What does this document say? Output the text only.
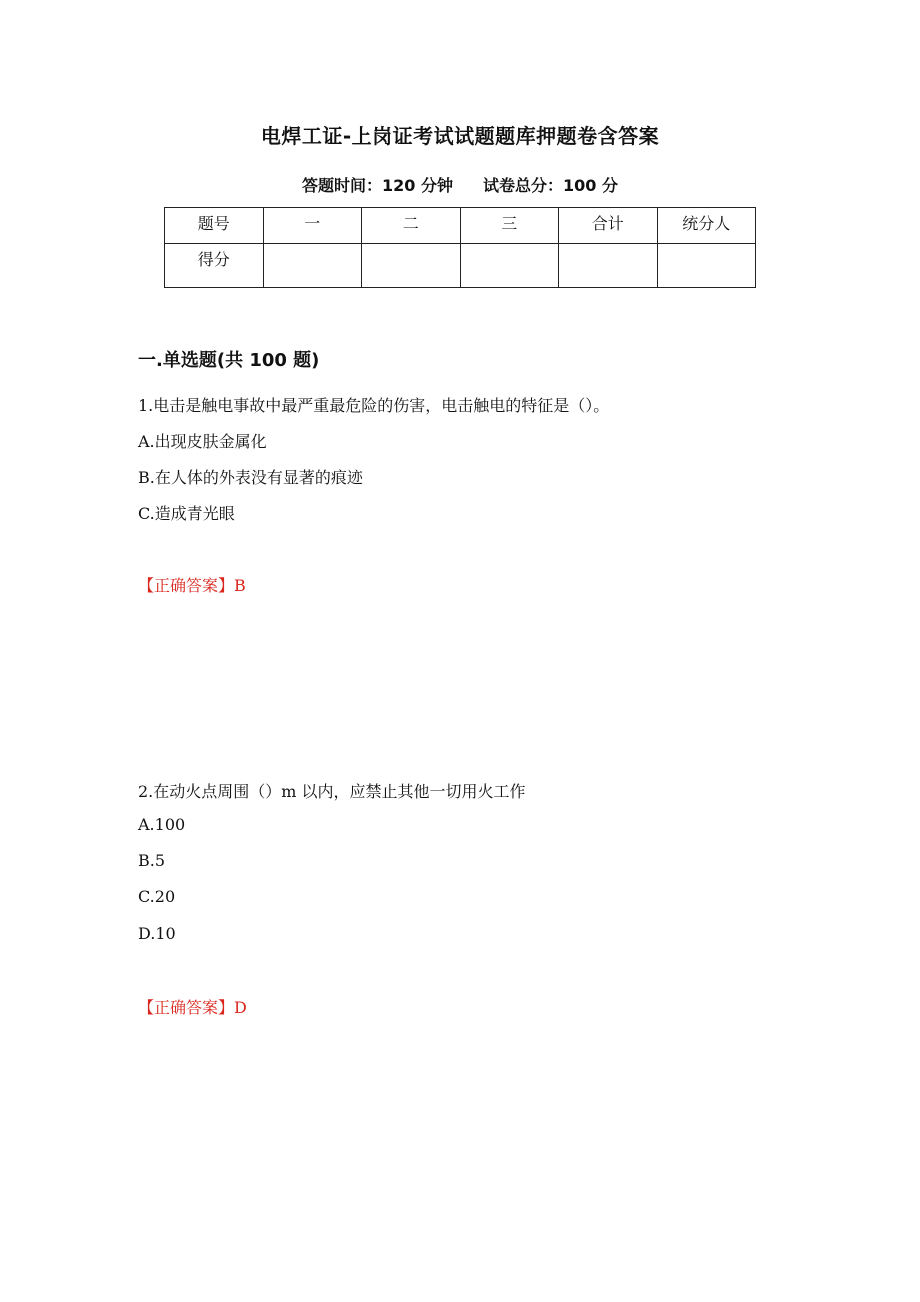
电焊工证-上岗证考试试题题库押题卷含答案
答题时间：120 分钟 试卷总分：100 分
题号	一	二	三	合计	统分人
得分					
一.单选题(共 100 题)
1.电击是触电事故中最严重最危险的伤害，电击触电的特征是（）。
A.出现皮肤金属化
B.在人体的外表没有显著的痕迹
C.造成青光眼
【正确答案】B
2.在动火点周围（）m 以内，应禁止其他一切用火工作
A.100
B.5
C.20
D.10
【正确答案】D
